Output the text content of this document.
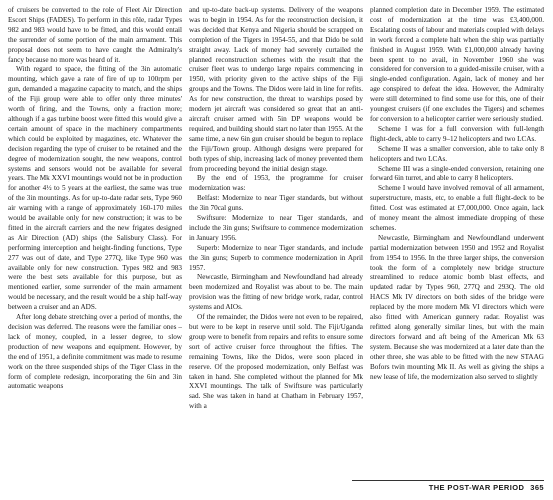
of cruisers be converted to the role of Fleet Air Direction Escort Ships (FADES). To perform in this rôle, radar Types 982 and 983 would have to be fitted, and this would entail the surrender of some portion of the main armament. This proposal does not seem to have caught the Admiralty's fancy because no more was heard of it.

With regard to space, the fitting of the 3in automatic mounting, which gave a rate of fire of up to 100rpm per gun, demanded a magazine capacity to match, and the ships of the Fiji group were able to offer only three minutes' worth of firing, and the Towns, only a fraction more; although if a gas turbine boost were fitted this would give a certain amount of space in the machinery compartments which could be exploited by magazines, etc. Whatever the decision regarding the type of cruiser to be retained and the degree of modernization sought, the new weapons, control systems and sensors would not be available for several years. The Mk XXVI mountings would not be in production for another 4½ to 5 years at the earliest, the same was true of the 3in mountings. As for up-to-date radar sets, Type 960 air warning with a range of approximately 160-170 miles would be available only for new construction; it was to be fitted in the aircraft carriers and the new frigates designed as Air Direction (AD) ships (the Salisbury Class). For performing interception and height-finding functions, Type 277 was out of date, and Type 277Q, like Type 960 was available only for new construction. Types 982 and 983 were the best sets available for this purpose, but as mentioned earlier, some surrender of the main armament would be necessary, and the result would be a ship half-way between a cruiser and an ADS.

After long debate stretching over a period of months, the decision was deferred. The reasons were the familiar ones – lack of money, coupled, in a lesser degree, to slow production of new weapons and equipment. However, by the end of 1951, a definite commitment was made to resume work on the three suspended ships of the Tiger Class in the form of complete redesign, incorporating the 6in and 3in automatic weapons

and up-to-date back-up systems. Delivery of the weapons was to begin in 1954. As for the reconstruction decision, it was decided that Kenya and Nigeria should be scrapped on completion of the Tigers in 1954-55, and that Dido be sold straight away. Lack of money had severely curtailed the planned reconstruction schemes with the result that the cruiser fleet was to undergo large repairs commencing in 1950, with priority given to the active ships of the Fiji groups and the Towns. The Didos were laid in line for refits. As for new construction, the threat to warships posed by modern jet aircraft was considered so great that an anti-aircraft cruiser armed with 5in DP weapons would be required, and building should start no later than 1955. At the same time, a new 6in gun cruiser should be begun to replace the Fiji/Town group. Although designs were prepared for both types of ship, increasing lack of money prevented them from proceeding beyond the initial design stage.

By the end of 1953, the programme for cruiser modernization was:

Belfast: Modernize to near Tiger standards, but without the 3in 70cal guns.

Swiftsure: Modernize to near Tiger standards, and include the 3in guns; Swiftsure to commence modernization in January 1956.

Superb: Modernize to near Tiger standards, and include the 3in guns; Superb to commence modernization in April 1957.

Newcastle, Birmingham and Newfoundland had already been modernized and Royalist was about to be. The main provision was the fitting of new bridge work, radar, control systems and AIOs.

Of the remainder, the Didos were not even to be repaired, but were to be kept in reserve until sold. The Fiji/Uganda group were to benefit from repairs and refits to ensure some sort of active cruiser force throughout the fifties. The remaining Towns, like the Didos, were soon placed in reserve. Of the proposed modernization, only Belfast was taken in hand. She completed without the planned for Mk XXVI mountings. The talk of Swiftsure was particularly sad. She was taken in hand at Chatham in February 1957, with a

planned completion date in December 1959. The estimated cost of modernization at the time was £3,400,000. Escalating costs of labour and materials coupled with delays in work forced a complete halt when the ship was partially finished in August 1959. With £1,000,000 already having been spent to no avail, in November 1960 she was considered for conversion to a guided-missile cruiser, with a single-ended configuration. Again, lack of money and her age conspired to defeat the idea. However, the Admiralty were still determined to find some use for this, one of their youngest cruisers (if one excludes the Tigers) and schemes for conversion to a helicopter carrier were seriously studied.

Scheme I was for a full conversion with full-length flight-deck, able to carry 9–12 helicopters and two LCAs.

Scheme II was a smaller conversion, able to take only 8 helicopters and two LCAs.

Scheme III was a single-ended conversion, retaining one forward 6in turret, and able to carry 8 helicopters.

Scheme I would have involved removal of all armament, superstructure, masts, etc, to enable a full flight-deck to be fitted. Cost was estimated at £7,000,000. Once again, lack of money meant the almost immediate dropping of these schemes.

Newcastle, Birmingham and Newfoundland underwent partial modernization between 1950 and 1952 and Royalist from 1954 to 1956. In the three larger ships, the conversion took the form of a completely new bridge structure streamlined to reduce atomic bomb blast effects, and updated radar by Types 960, 277Q and 293Q. The old HACS Mk IV directors on both sides of the bridge were replaced by the more modern Mk VI directors which were also fitted with American gunnery radar. Royalist was refitted along generally similar lines, but with the main directors forward and aft being of the American Mk 63 system. Because she was modernized at a later date than the other three, she was able to be fitted with the new STAAG Bofors twin mounting Mk II. As well as giving the ships a new lease of life, the modernization also served to slightly

THE POST-WAR PERIOD 365
